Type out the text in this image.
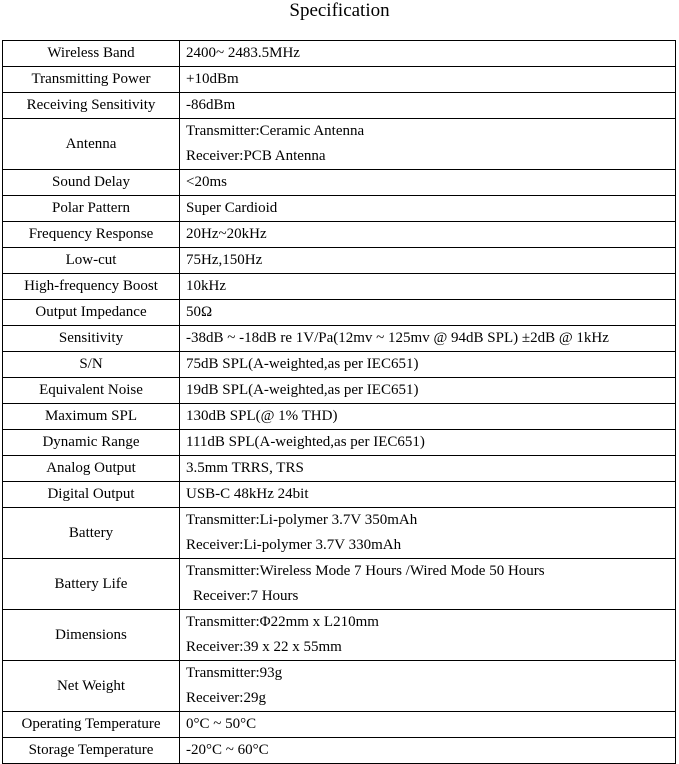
Specification
Wireless Band	2400~ 2483.5MHz

Transmitting Power	+10dBm

Receiving Sensitivity	-86dBm

Antenna	Transmitter:Ceramic Antenna
Receiver:PCB Antenna

Sound Delay	<20ms

Polar Pattern	Super Cardioid

Frequency Response	20Hz~20kHz

Low-cut	75Hz,150Hz

High-frequency Boost	10kHz

Output Impedance	50Ω

Sensitivity	-38dB ~ -18dB re 1V/Pa(12mv ~ 125mv @ 94dB SPL) ±2dB @ 1kHz

S/N	75dB SPL(A-weighted,as per IEC651)

Equivalent Noise	19dB SPL(A-weighted,as per IEC651)

Maximum SPL	130dB SPL(@ 1% THD)

Dynamic Range	111dB SPL(A-weighted,as per IEC651)

Analog Output	3.5mm TRRS, TRS

Digital Output	USB-C 48kHz 24bit

Battery	Transmitter:Li-polymer 3.7V 350mAh
Receiver:Li-polymer 3.7V 330mAh

Battery Life	Transmitter:Wireless Mode 7 Hours /Wired Mode 50 Hours
Receiver:7 Hours

Dimensions	Transmitter:Φ22mm x L210mm
Receiver:39 x 22 x 55mm

Net Weight	Transmitter:93g
Receiver:29g

Operating Temperature	0°C ~ 50°C

Storage Temperature	-20°C ~ 60°C
